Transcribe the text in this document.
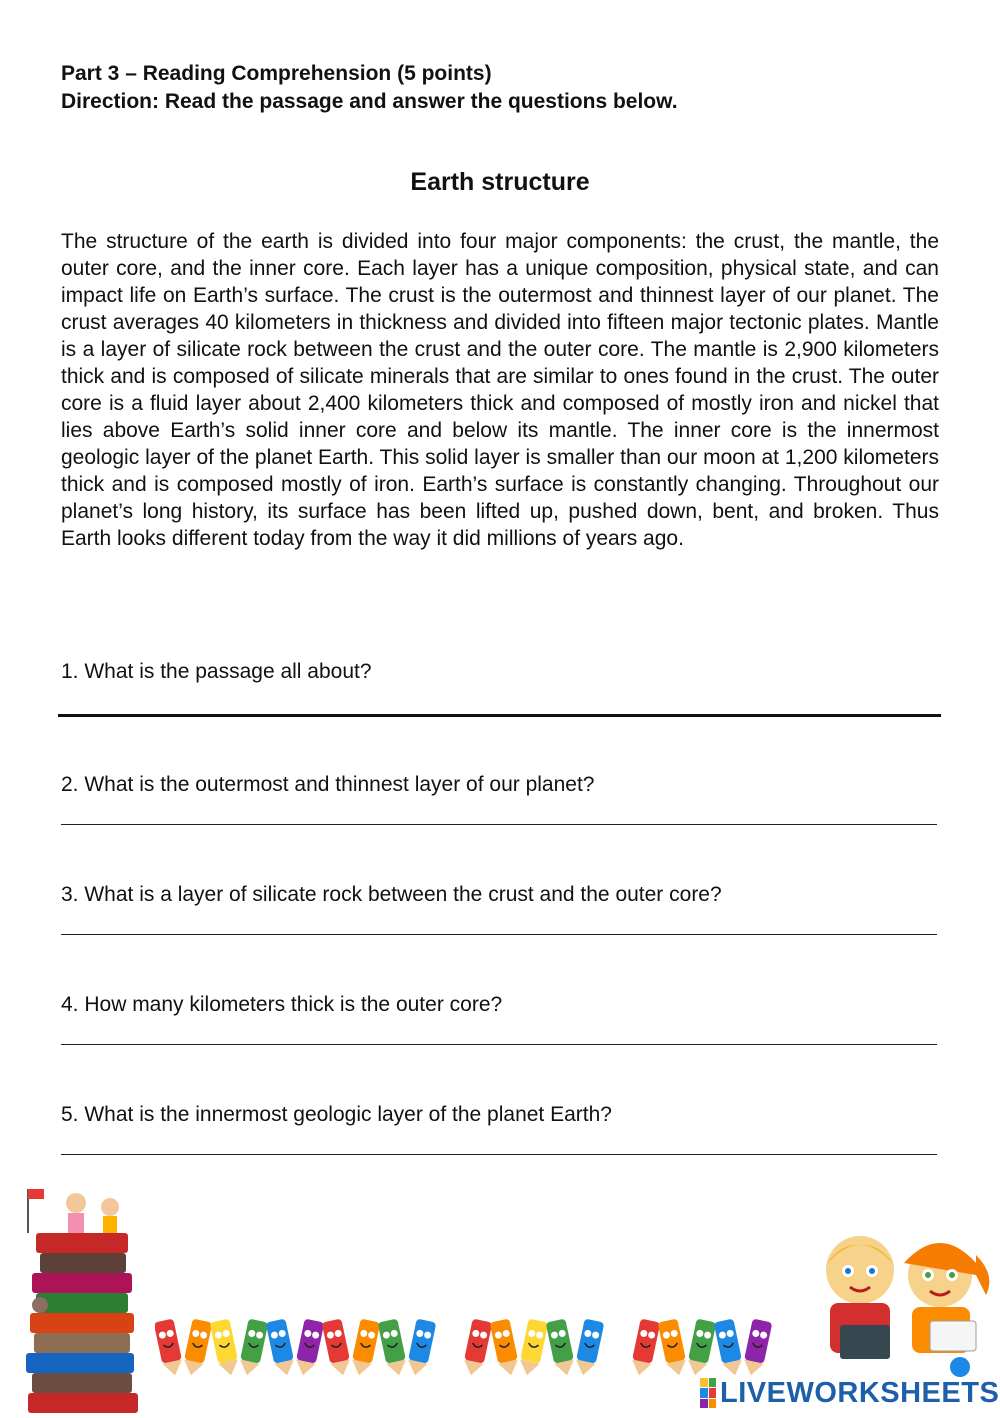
Part 3 – Reading Comprehension (5 points)
Direction: Read the passage and answer the questions below.
Earth structure

The structure of the earth is divided into four major components: the crust, the mantle, the outer core, and the inner core. Each layer has a unique composition, physical state, and can impact life on Earth’s surface. The crust is the outermost and thinnest layer of our planet. The crust averages 40 kilometers in thickness and divided into fifteen major tectonic plates. Mantle is a layer of silicate rock between the crust and the outer core. The mantle is 2,900 kilometers thick and is composed of silicate minerals that are similar to ones found in the crust. The outer core is a fluid layer about 2,400 kilometers thick and composed of mostly iron and nickel that lies above Earth’s solid inner core and below its mantle. The inner core is the innermost geologic layer of the planet Earth. This solid layer is smaller than our moon at 1,200 kilometers thick and is composed mostly of iron. Earth’s surface is constantly changing. Throughout our planet’s long history, its surface has been lifted up, pushed down, bent, and broken. Thus Earth looks different today from the way it did millions of years ago.

1. What is the passage all about?
2. What is the outermost and thinnest layer of our planet?
3. What is a layer of silicate rock between the crust and the outer core?
4. How many kilometers thick is the outer core?
5. What is the innermost geologic layer of the planet Earth?
LIVEWORKSHEETS
